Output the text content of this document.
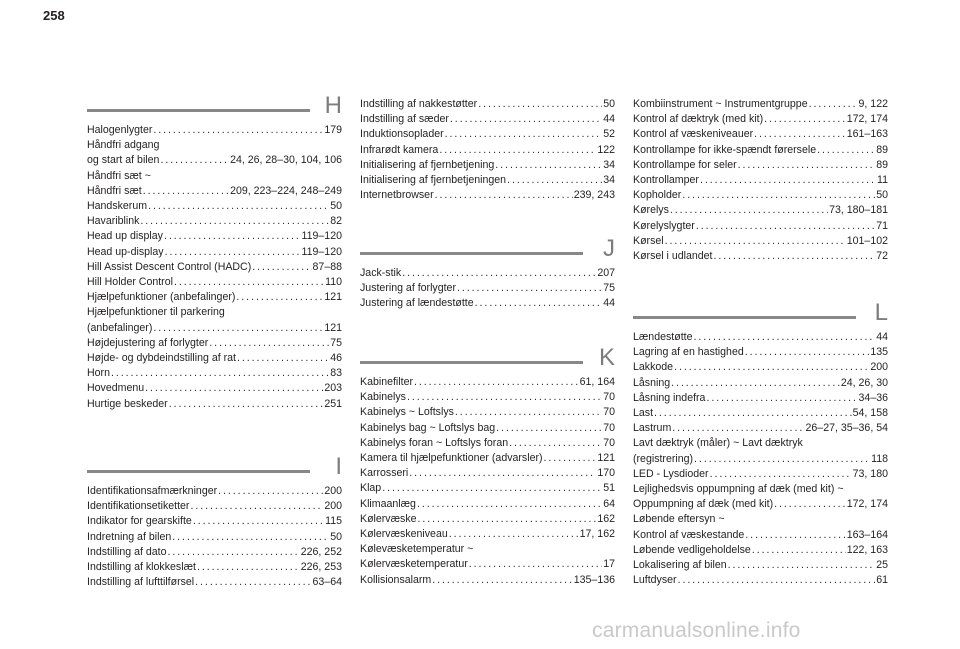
258
H
Halogenlygter . . .	179
Håndfri adgang
og start af bilen . . .	24, 26, 28–30, 104, 106
Håndfri sæt ~
Håndfri sæt . . .	209, 223–224, 248–249
Handskerum . . .	50
Havariblink . . .	82
Head up display . . .	119–120
Head up-display . . .	119–120
Hill Assist Descent Control (HADC) . . .	87–88
Hill Holder Control . . .	110
Hjælpefunktioner (anbefalinger) . . .	121
Hjælpefunktioner til parkering
(anbefalinger) . . .	121
Højdejustering af forlygter . . .	75
Højde- og dybdeindstilling af rat . . .	46
Horn . . .	83
Hovedmenu . . .	203
Hurtige beskeder . . .	251
I
Identifikationsafmærkninger . . .	200
Identifikationsetiketter . . .	200
Indikator for gearskifte . . .	115
Indretning af bilen . . .	50
Indstilling af dato . . .	226, 252
Indstilling af klokkeslæt . . .	226, 253
Indstilling af lufttilførsel . . .	63–64
Indstilling af nakkestøtter . . .	50
Indstilling af sæder . . .	44
Induktionsoplader . . .	52
Infrarødt kamera . . .	122
Initialisering af fjernbetjening . . .	34
Initialisering af fjernbetjeningen . . .	34
Internetbrowser . . .	239, 243
J
Jack-stik . . .	207
Justering af forlygter . . .	75
Justering af lændestøtte . . .	44
K
Kabinefilter . . .	61, 164
Kabinelys . . .	70
Kabinelys ~ Loftslys . . .	70
Kabinelys bag ~ Loftslys bag . . .	70
Kabinelys foran ~ Loftslys foran . . .	70
Kamera til hjælpefunktioner (advarsler) . . .	121
Karrosseri . . .	170
Klap . . .	51
Klimaanlæg . . .	64
Kølervæske . . .	162
Kølervæskeniveau . . .	17, 162
Kølevæsketemperatur ~
Kølervæsketemperatur . . .	17
Kollisionsalarm . . .	135–136
Kombiinstrument ~ Instrumentgruppe . . .	9, 122
Kontrol af dæktryk (med kit) . . .	172, 174
Kontrol af væskeniveauer . . .	161–163
Kontrollampe for ikke-spændt førersele . . .	89
Kontrollampe for seler . . .	89
Kontrollamper . . .	11
Kopholder . . .	50
Kørelys . . .	73, 180–181
Kørelyslygter . . .	71
Kørsel . . .	101–102
Kørsel i udlandet . . .	72
L
Lændestøtte . . .	44
Lagring af en hastighed . . .	135
Lakkode . . .	200
Låsning . . .	24, 26, 30
Låsning indefra . . .	34–36
Last . . .	54, 158
Lastrum . . .	26–27, 35–36, 54
Lavt dæktryk (måler) ~ Lavt dæktryk
(registrering) . . .	118
LED - Lysdioder . . .	73, 180
Lejlighedsvis oppumpning af dæk (med kit) ~
Oppumpning af dæk (med kit) . . .	172, 174
Løbende eftersyn ~
Kontrol af væskestande . . .	163–164
Løbende vedligeholdelse . . .	122, 163
Lokalisering af bilen . . .	25
Luftdyser . . .	61
carmanualsonline.info
